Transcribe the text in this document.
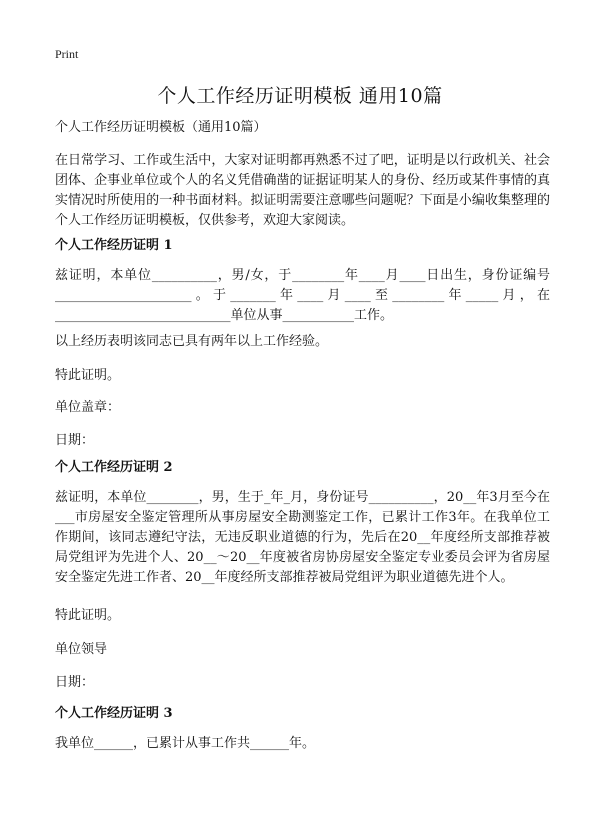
Print
个人工作经历证明模板 通用10篇
个人工作经历证明模板（通用10篇）
在日常学习、工作或生活中，大家对证明都再熟悉不过了吧，证明是以行政机关、社会团体、企事业单位或个人的名义凭借确凿的证据证明某人的身份、经历或某件事情的真实情况时所使用的一种书面材料。拟证明需要注意哪些问题呢？下面是小编收集整理的个人工作经历证明模板，仅供参考，欢迎大家阅读。
个人工作经历证明 1
兹证明，本单位__________，男/女，于________年____月____日出生，身份证编号_____________________。于_______年____月____至________年_____月，在___________________________单位从事___________工作。
以上经历表明该同志已具有两年以上工作经验。
特此证明。
单位盖章：
日期：
个人工作经历证明 2
兹证明，本单位________，男，生于_年_月，身份证号__________，20__年3月至今在___市房屋安全鉴定管理所从事房屋安全勘测鉴定工作，已累计工作3年。在我单位工作期间，该同志遵纪守法，无违反职业道德的行为，先后在20__年度经所支部推荐被局党组评为先进个人、20__～20__年度被省房协房屋安全鉴定专业委员会评为省房屋安全鉴定先进工作者、20__年度经所支部推荐被局党组评为职业道德先进个人。
特此证明。
单位领导
日期：
个人工作经历证明 3
我单位______，已累计从事工作共______年。
